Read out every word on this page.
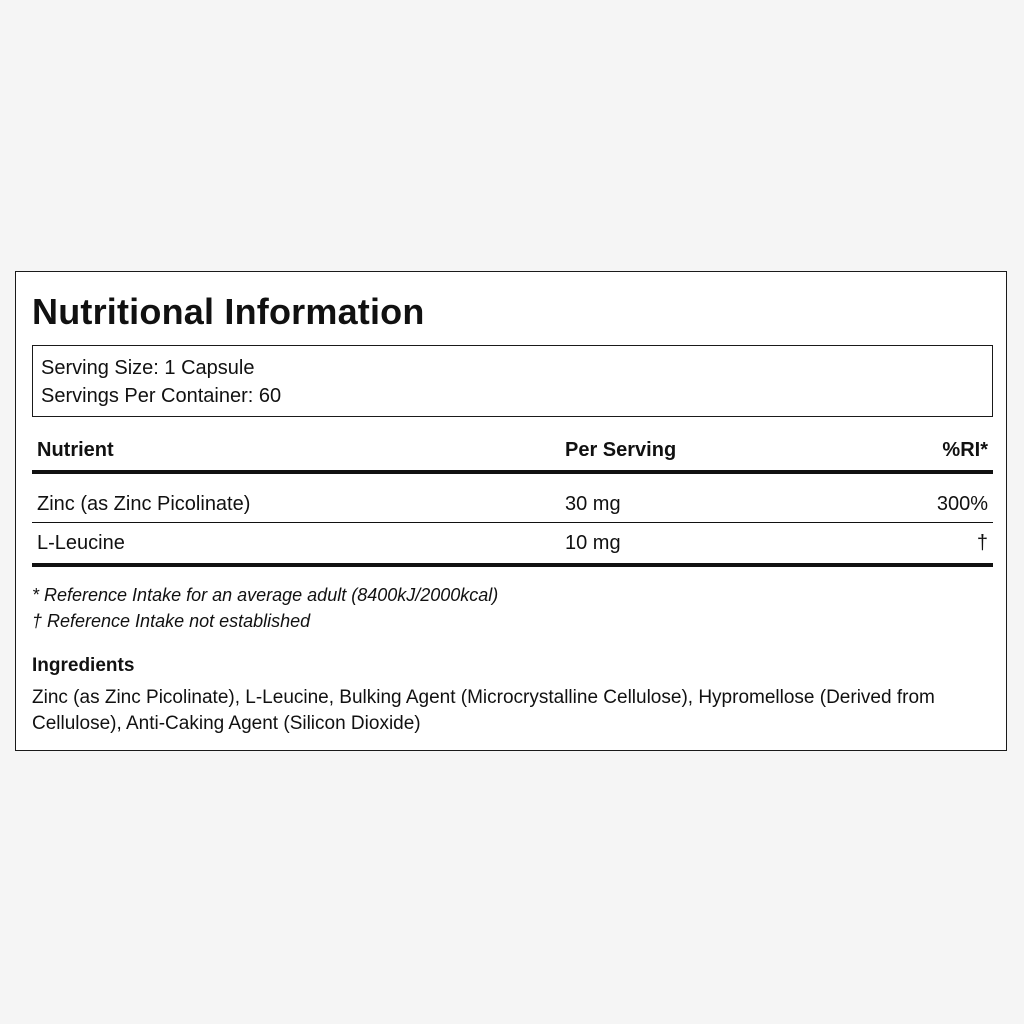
Nutritional Information
Serving Size: 1 Capsule
Servings Per Container: 60
Nutrient	Per Serving	%RI*
Zinc (as Zinc Picolinate)	30 mg	300%
L-Leucine	10 mg	†
* Reference Intake for an average adult (8400kJ/2000kcal)
† Reference Intake not established
Ingredients

Zinc (as Zinc Picolinate), L-Leucine, Bulking Agent (Microcrystalline Cellulose), Hypromellose (Derived from Cellulose), Anti-Caking Agent (Silicon Dioxide)
